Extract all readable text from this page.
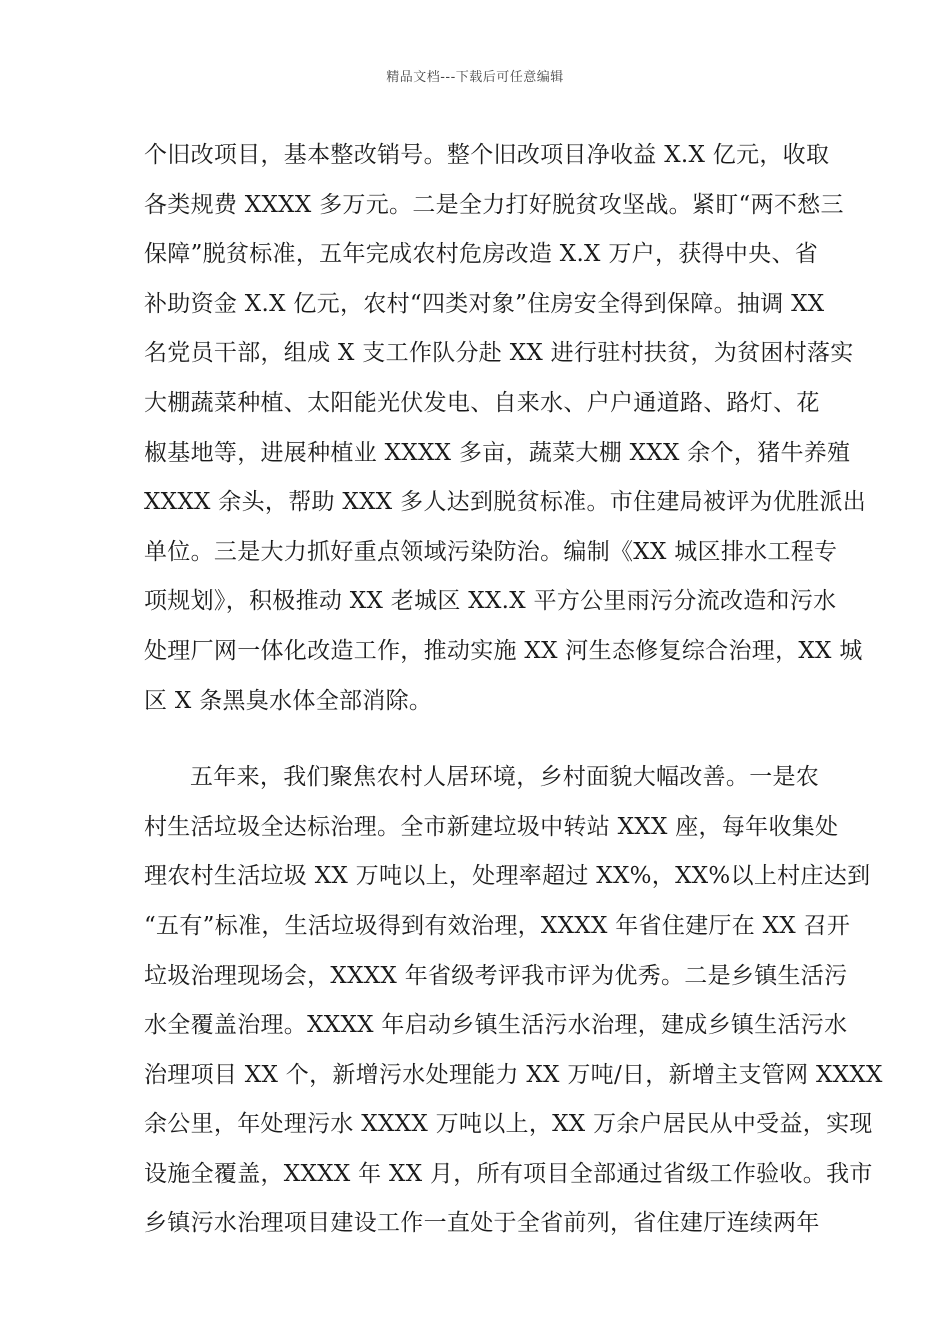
精品文档---下载后可任意编辑
个旧改项目，基本整改销号。整个旧改项目净收益 X.X 亿元，收取
各类规费 XXXX 多万元。二是全力打好脱贫攻坚战。紧盯“两不愁三
保障”脱贫标准，五年完成农村危房改造 X.X 万户，获得中央、省
补助资金 X.X 亿元，农村“四类对象”住房安全得到保障。抽调 XX
名党员干部，组成 X 支工作队分赴 XX 进行驻村扶贫，为贫困村落实
大棚蔬菜种植、太阳能光伏发电、自来水、户户通道路、路灯、花
椒基地等，进展种植业 XXXX 多亩，蔬菜大棚 XXX 余个，猪牛养殖
XXXX 余头，帮助 XXX 多人达到脱贫标准。市住建局被评为优胜派出
单位。三是大力抓好重点领域污染防治。编制《XX 城区排水工程专
项规划》，积极推动 XX 老城区 XX.X 平方公里雨污分流改造和污水
处理厂网一体化改造工作，推动实施 XX 河生态修复综合治理，XX 城
区 X 条黑臭水体全部消除。
五年来，我们聚焦农村人居环境，乡村面貌大幅改善。一是农
村生活垃圾全达标治理。全市新建垃圾中转站 XXX 座，每年收集处
理农村生活垃圾 XX 万吨以上，处理率超过 XX%，XX%以上村庄达到
“五有”标准，生活垃圾得到有效治理，XXXX 年省住建厅在 XX 召开
垃圾治理现场会，XXXX 年省级考评我市评为优秀。二是乡镇生活污
水全覆盖治理。XXXX 年启动乡镇生活污水治理，建成乡镇生活污水
治理项目 XX 个，新增污水处理能力 XX 万吨/日，新增主支管网 XXXX
余公里，年处理污水 XXXX 万吨以上，XX 万余户居民从中受益，实现
设施全覆盖，XXXX 年 XX 月，所有项目全部通过省级工作验收。我市
乡镇污水治理项目建设工作一直处于全省前列，省住建厅连续两年
